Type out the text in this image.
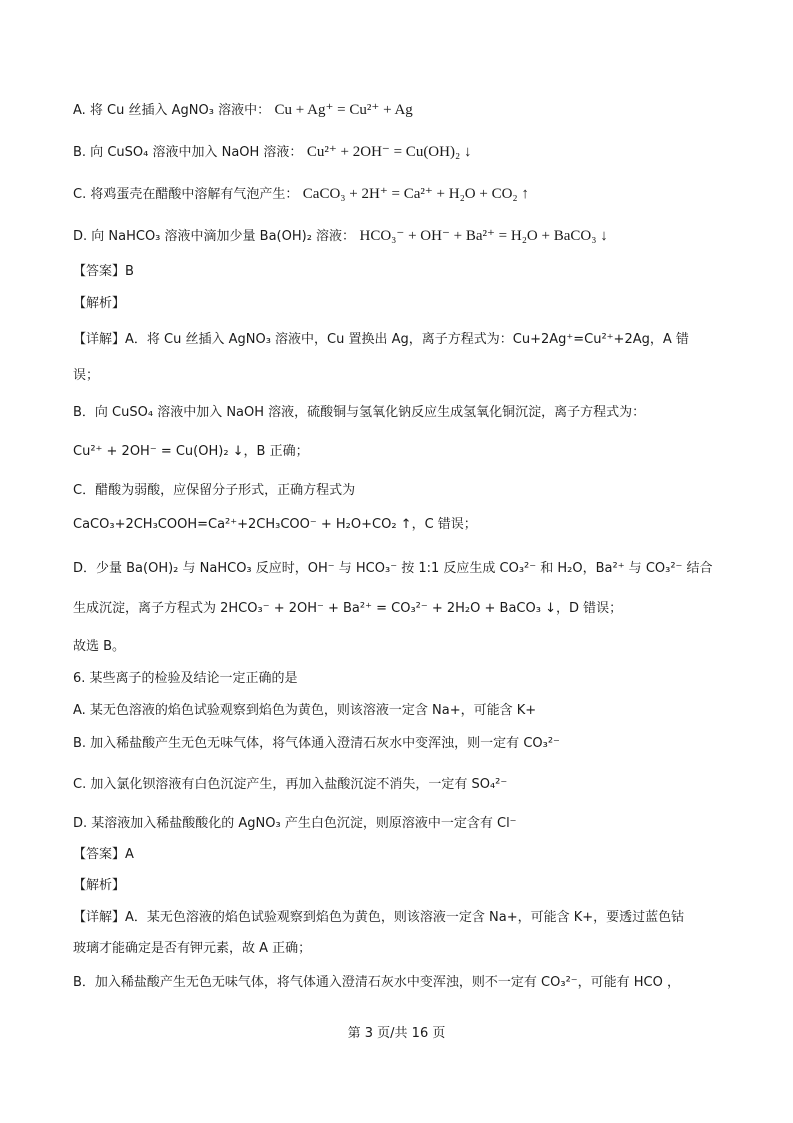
A. 将 Cu 丝插入 AgNO₃ 溶液中： Cu + Ag⁺ = Cu²⁺ + Ag
B. 向 CuSO₄ 溶液中加入 NaOH 溶液： Cu²⁺ + 2OH⁻ = Cu(OH)₂ ↓
C. 将鸡蛋壳在醋酸中溶解有气泡产生： CaCO₃ + 2H⁺ = Ca²⁺ + H₂O + CO₂ ↑
D. 向 NaHCO₃ 溶液中滴加少量 Ba(OH)₂ 溶液： HCO₃⁻ + OH⁻ + Ba²⁺ = H₂O + BaCO₃ ↓
【答案】B
【解析】
【详解】A．将 Cu 丝插入 AgNO₃ 溶液中，Cu 置换出 Ag，离子方程式为：Cu+2Ag⁺=Cu²⁺+2Ag，A 错
误；
B．向 CuSO₄ 溶液中加入 NaOH 溶液，硫酸铜与氢氧化钠反应生成氢氧化铜沉淀，离子方程式为：
Cu²⁺ + 2OH⁻ = Cu(OH)₂ ↓，B 正确；
C．醋酸为弱酸，应保留分子形式，正确方程式为
CaCO₃+2CH₃COOH=Ca²⁺+2CH₃COO⁻ + H₂O+CO₂ ↑，C 错误；
D．少量 Ba(OH)₂ 与 NaHCO₃ 反应时，OH⁻ 与 HCO₃⁻ 按 1:1 反应生成 CO₃²⁻ 和 H₂O，Ba²⁺ 与 CO₃²⁻ 结合
生成沉淀，离子方程式为 2HCO₃⁻ + 2OH⁻ + Ba²⁺ = CO₃²⁻ + 2H₂O + BaCO₃ ↓，D 错误；
故选 B。
6. 某些离子的检验及结论一定正确的是
A. 某无色溶液的焰色试验观察到焰色为黄色，则该溶液一定含 Na+，可能含 K+
B. 加入稀盐酸产生无色无味气体，将气体通入澄清石灰水中变浑浊，则一定有 CO₃²⁻
C. 加入氯化钡溶液有白色沉淀产生，再加入盐酸沉淀不消失，一定有 SO₄²⁻
D. 某溶液加入稀盐酸酸化的 AgNO₃ 产生白色沉淀，则原溶液中一定含有 Cl⁻
【答案】A
【解析】
【详解】A．某无色溶液的焰色试验观察到焰色为黄色，则该溶液一定含 Na+，可能含 K+，要透过蓝色钴
玻璃才能确定是否有钾元素，故 A 正确；
B．加入稀盐酸产生无色无味气体，将气体通入澄清石灰水中变浑浊，则不一定有 CO₃²⁻，可能有 HCO ，
第 3 页/共 16 页
